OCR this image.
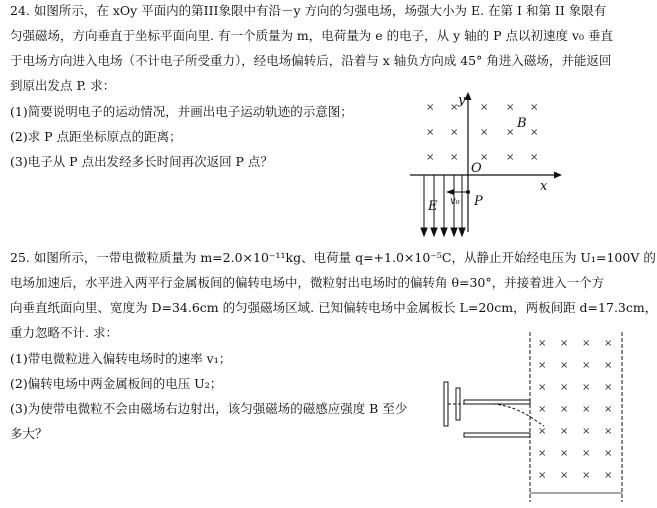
24. 如图所示，在 xOy 平面内的第III象限中有沿－y 方向的匀强电场，场强大小为 E. 在第 I 和第 II 象限有
匀强磁场，方向垂直于坐标平面向里. 有一个质量为 m，电荷量为 e 的电子，从 y 轴的 P 点以初速度 v₀ 垂直
于电场方向进入电场（不计电子所受重力），经电场偏转后，沿着与 x 轴负方向成 45° 角进入磁场，并能返回
到原出发点 P. 求：
(1)简要说明电子的运动情况，并画出电子运动轨迹的示意图；
(2)求 P 点距坐标原点的距离；
(3)电子从 P 点出发经多长时间再次返回 P 点？
y
x
O
B
× × × × ×
× × × × ×
× × × × ×
E	P
v₀
25. 如图所示，一带电微粒质量为 m=2.0×10⁻¹¹kg、电荷量 q=+1.0×10⁻⁵C，从静止开始经电压为 U₁=100V 的
电场加速后，水平进入两平行金属板间的偏转电场中，微粒射出电场时的偏转角 θ=30°，并接着进入一个方
向垂直纸面向里、宽度为 D=34.6cm 的匀强磁场区域. 已知偏转电场中金属板长 L=20cm，两板间距 d=17.3cm，
重力忽略不计. 求：
(1)带电微粒进入偏转电场时的速率 v₁；
(2)偏转电场中两金属板间的电压 U₂；
(3)为使带电微粒不会由磁场右边射出，该匀强磁场的磁感应强度 B 至少
多大？
× × × ×
× × × ×
× × × ×
× × × ×
× × × ×
× × × ×
× × × ×
